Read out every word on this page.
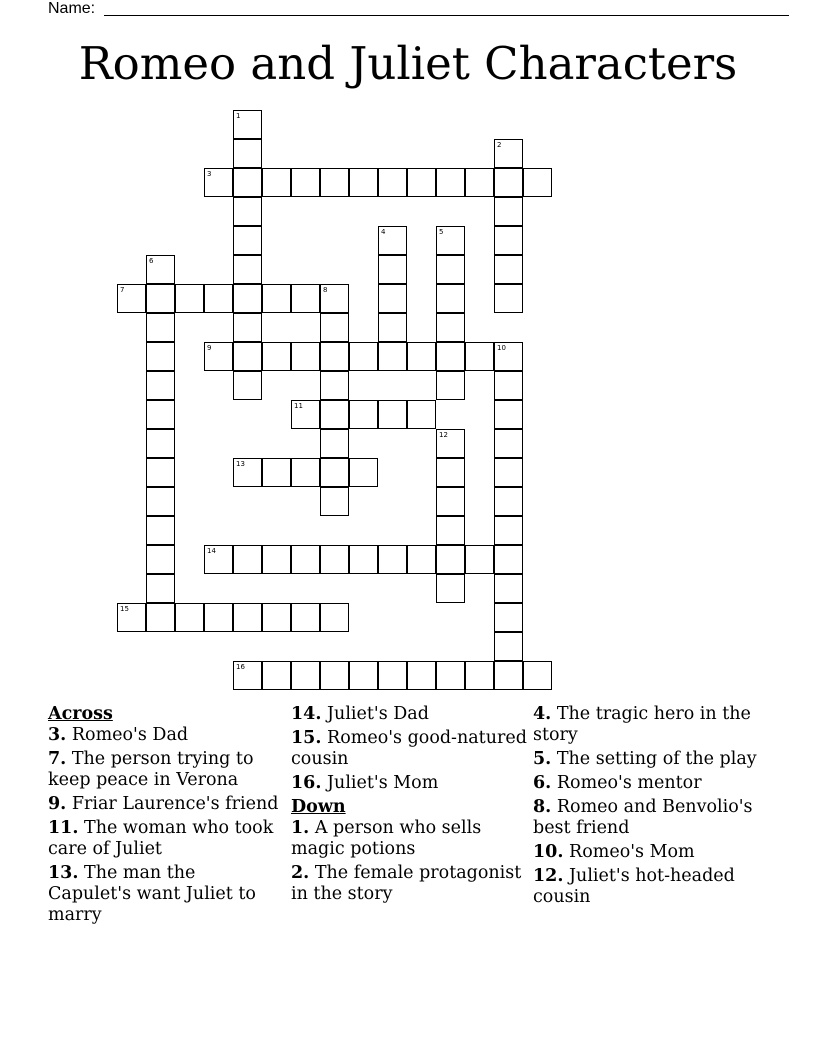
Name:
Romeo and Juliet Characters
1
2
3
4	5
6
7	8
9	10
11
12
13
14
15
16
Across
3. Romeo's Dad
7. The person trying to keep peace in Verona
9. Friar Laurence's friend
11. The woman who took care of Juliet
13. The man the Capulet's want Juliet to marry
14. Juliet's Dad
15. Romeo's good-natured cousin
16. Juliet's Mom
Down
1. A person who sells magic potions
2. The female protagonist in the story
4. The tragic hero in the story
5. The setting of the play
6. Romeo's mentor
8. Romeo and Benvolio's best friend
10. Romeo's Mom
12. Juliet's hot-headed cousin
